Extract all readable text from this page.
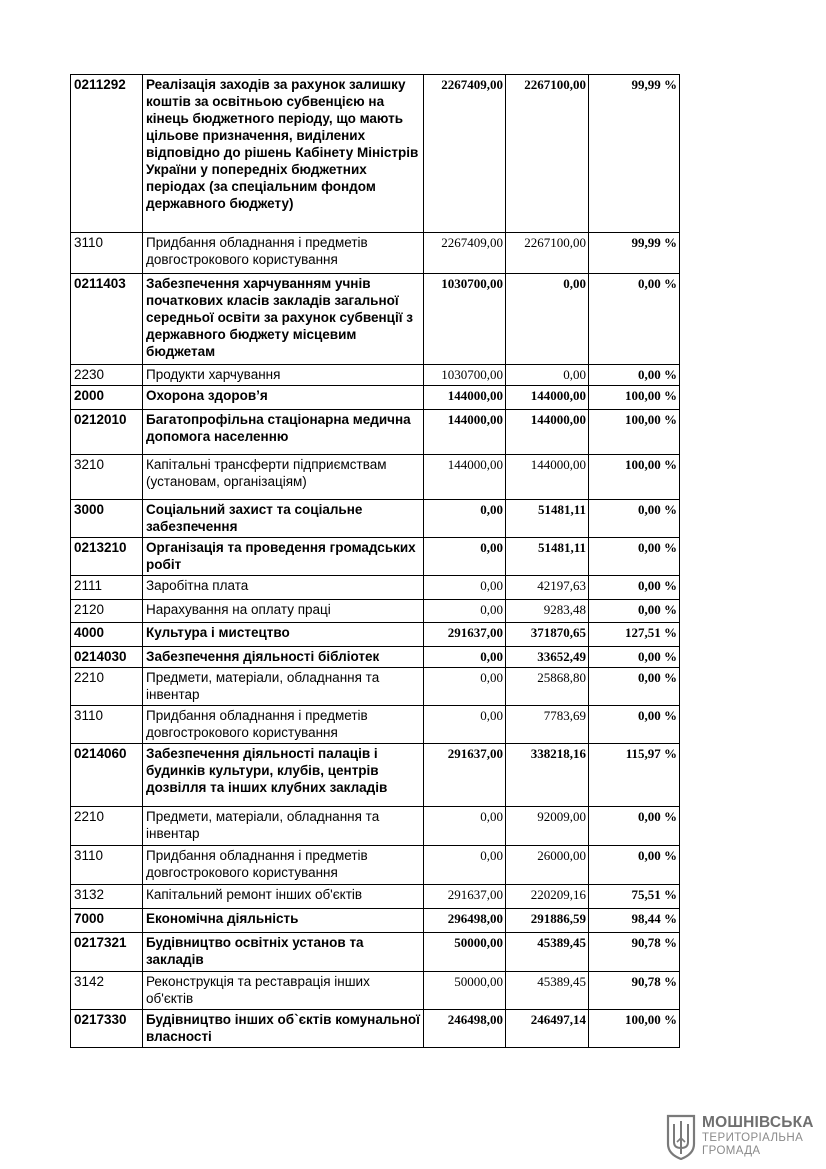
0211292	Реалізація заходів за рахунок залишку коштів за освітньою субвенцією на кінець бюджетного періоду, що мають цільове призначення, виділених відповідно до рішень Кабінету Міністрів України у попередніх бюджетних періодах (за спеціальним фондом державного бюджету)	2267409,00	2267100,00	99,99 %
3110	Придбання обладнання і предметів довгострокового користування	2267409,00	2267100,00	99,99 %
0211403	Забезпечення харчуванням учнів початкових класів закладів загальної середньої освіти за рахунок субвенції з державного бюджету місцевим бюджетам	1030700,00	0,00	0,00 %
2230	Продукти харчування	1030700,00	0,00	0,00 %
2000	Охорона здоров’я	144000,00	144000,00	100,00 %
0212010	Багатопрофільна стаціонарна медична допомога населенню	144000,00	144000,00	100,00 %
3210	Капітальні трансферти підприємствам (установам, організаціям)	144000,00	144000,00	100,00 %
3000	Соціальний захист та соціальне забезпечення	0,00	51481,11	0,00 %
0213210	Організація та проведення громадських робіт	0,00	51481,11	0,00 %
2111	Заробітна плата	0,00	42197,63	0,00 %
2120	Нарахування на оплату праці	0,00	9283,48	0,00 %
4000	Культура і мистецтво	291637,00	371870,65	127,51 %
0214030	Забезпечення діяльності бібліотек	0,00	33652,49	0,00 %
2210	Предмети, матеріали, обладнання та інвентар	0,00	25868,80	0,00 %
3110	Придбання обладнання і предметів довгострокового користування	0,00	7783,69	0,00 %
0214060	Забезпечення діяльності палаців і будинків культури, клубів, центрів дозвілля та інших клубних закладів	291637,00	338218,16	115,97 %
2210	Предмети, матеріали, обладнання та інвентар	0,00	92009,00	0,00 %
3110	Придбання обладнання і предметів довгострокового користування	0,00	26000,00	0,00 %
3132	Капітальний ремонт інших об'єктів	291637,00	220209,16	75,51 %
7000	Економічна діяльність	296498,00	291886,59	98,44 %
0217321	Будівництво освітніх установ та закладів	50000,00	45389,45	90,78 %
3142	Реконструкція та реставрація інших об'єктів	50000,00	45389,45	90,78 %
0217330	Будівництво інших об`єктів комунальної власності	246498,00	246497,14	100,00 %
МОШНІВСЬКА
ТЕРИТОРІАЛЬНА
ГРОМАДА
